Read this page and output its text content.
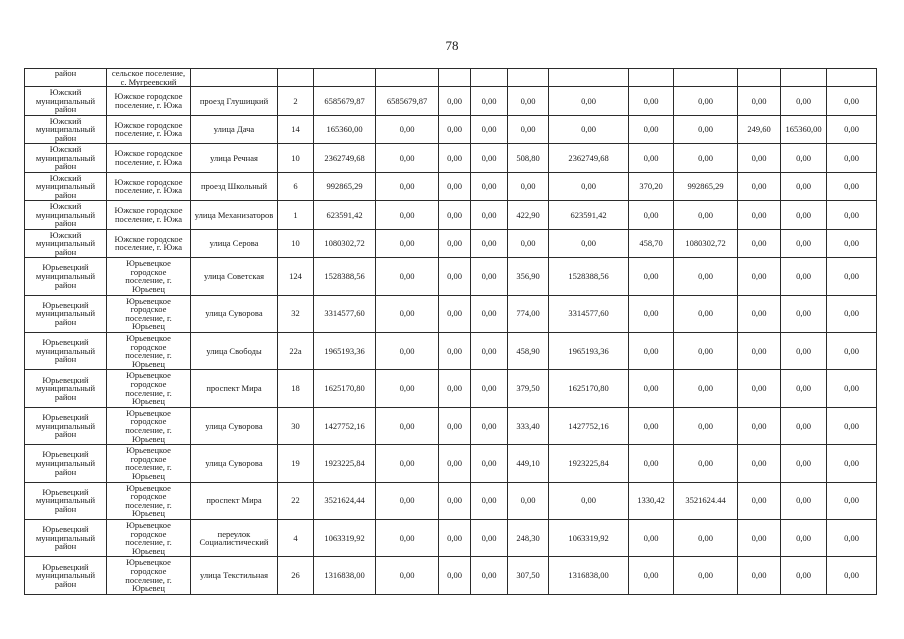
78
район	сельское поселение,
с. Мугреевский													
Южский
муниципальный
район	Южское городское
поселение, г. Южа	проезд Глушицкий	2	6585679,87	6585679,87	0,00	0,00	0,00	0,00	0,00	0,00	0,00	0,00	0,00
Южский
муниципальный
район	Южское городское
поселение, г. Южа	улица Дача	14	165360,00	0,00	0,00	0,00	0,00	0,00	0,00	0,00	249,60	165360,00	0,00
Южский
муниципальный
район	Южское городское
поселение, г. Южа	улица Речная	10	2362749,68	0,00	0,00	0,00	508,80	2362749,68	0,00	0,00	0,00	0,00	0,00
Южский
муниципальный
район	Южское городское
поселение, г. Южа	проезд Школьный	6	992865,29	0,00	0,00	0,00	0,00	0,00	370,20	992865,29	0,00	0,00	0,00
Южский
муниципальный
район	Южское городское
поселение, г. Южа	улица Механизаторов	1	623591,42	0,00	0,00	0,00	422,90	623591,42	0,00	0,00	0,00	0,00	0,00
Южский
муниципальный
район	Южское городское
поселение, г. Южа	улица Серова	10	1080302,72	0,00	0,00	0,00	0,00	0,00	458,70	1080302,72	0,00	0,00	0,00
Юрьевецкий
муниципальный
район	Юрьевецкое
городское
поселение, г.
Юрьевец	улица Советская	124	1528388,56	0,00	0,00	0,00	356,90	1528388,56	0,00	0,00	0,00	0,00	0,00
Юрьевецкий
муниципальный
район	Юрьевецкое
городское
поселение, г.
Юрьевец	улица Суворова	32	3314577,60	0,00	0,00	0,00	774,00	3314577,60	0,00	0,00	0,00	0,00	0,00
Юрьевецкий
муниципальный
район	Юрьевецкое
городское
поселение, г.
Юрьевец	улица Свободы	22а	1965193,36	0,00	0,00	0,00	458,90	1965193,36	0,00	0,00	0,00	0,00	0,00
Юрьевецкий
муниципальный
район	Юрьевецкое
городское
поселение, г.
Юрьевец	проспект Мира	18	1625170,80	0,00	0,00	0,00	379,50	1625170,80	0,00	0,00	0,00	0,00	0,00
Юрьевецкий
муниципальный
район	Юрьевецкое
городское
поселение, г.
Юрьевец	улица Суворова	30	1427752,16	0,00	0,00	0,00	333,40	1427752,16	0,00	0,00	0,00	0,00	0,00
Юрьевецкий
муниципальный
район	Юрьевецкое
городское
поселение, г.
Юрьевец	улица Суворова	19	1923225,84	0,00	0,00	0,00	449,10	1923225,84	0,00	0,00	0,00	0,00	0,00
Юрьевецкий
муниципальный
район	Юрьевецкое
городское
поселение, г.
Юрьевец	проспект Мира	22	3521624,44	0,00	0,00	0,00	0,00	0,00	1330,42	3521624.44	0,00	0,00	0,00
Юрьевецкий
муниципальный
район	Юрьевецкое
городское
поселение, г.
Юрьевец	переулок
Социалистический	4	1063319,92	0,00	0,00	0,00	248,30	1063319,92	0,00	0,00	0,00	0,00	0,00
Юрьевецкий
муниципальный
район	Юрьевецкое
городское
поселение, г.
Юрьевец	улица Текстильная	26	1316838,00	0,00	0,00	0,00	307,50	1316838,00	0,00	0,00	0,00	0,00	0,00
